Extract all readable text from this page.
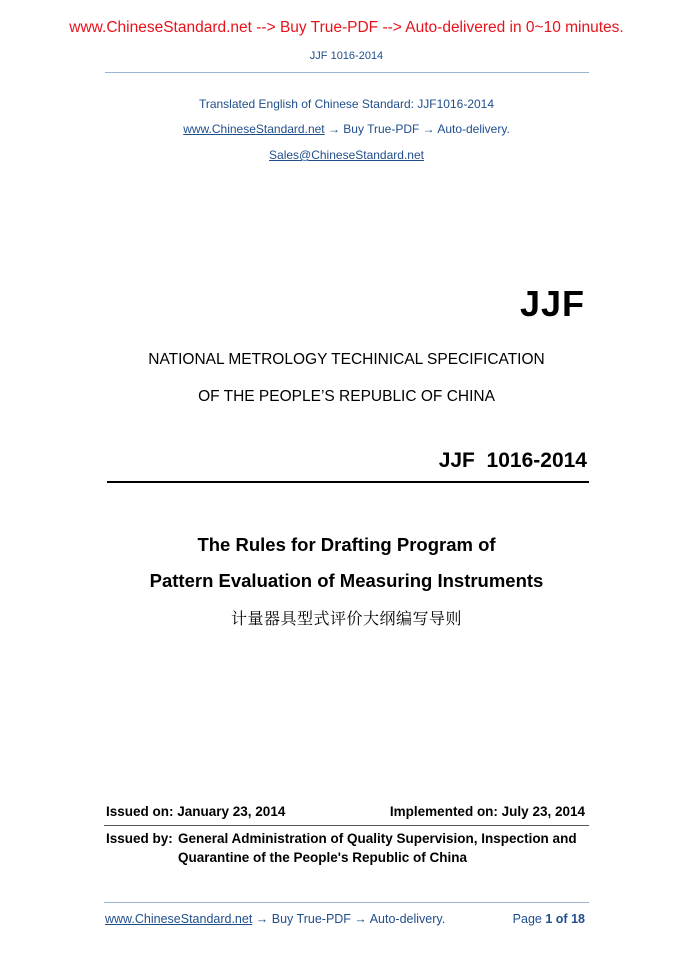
www.ChineseStandard.net --> Buy True-PDF --> Auto-delivered in 0~10 minutes.
JJF 1016-2014
Translated English of Chinese Standard: JJF1016-2014
www.ChineseStandard.net → Buy True-PDF → Auto-delivery.
Sales@ChineseStandard.net
JJF
NATIONAL METROLOGY TECHINICAL SPECIFICATION
OF THE PEOPLE’S REPUBLIC OF CHINA
JJF  1016-2014
The Rules for Drafting Program of
Pattern Evaluation of Measuring Instruments
计量器具型式评价大纲编写导则
Issued on: January 23, 2014	Implemented on: July 23, 2014
Issued by: General Administration of Quality Supervision, Inspection and
Quarantine of the People's Republic of China
www.ChineseStandard.net → Buy True-PDF → Auto-delivery.	Page 1 of 18
